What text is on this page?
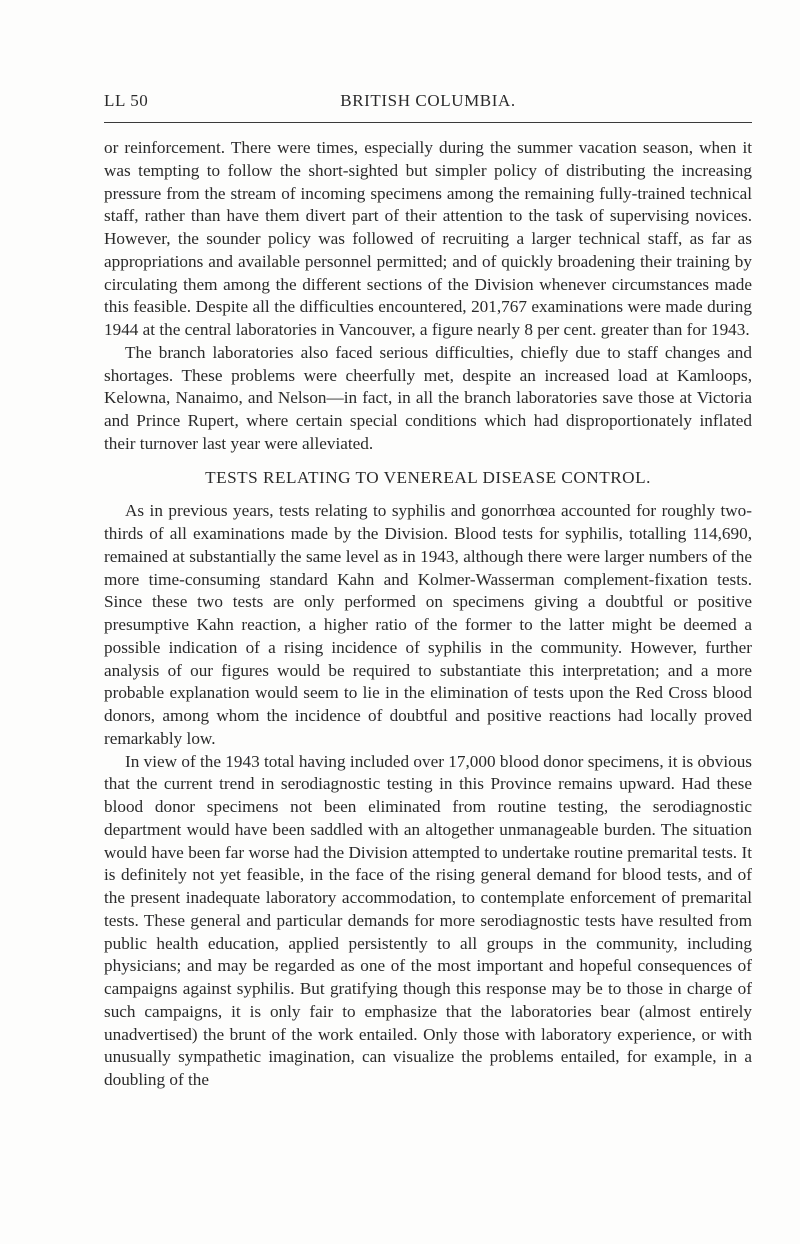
LL 50	BRITISH COLUMBIA.

or reinforcement. There were times, especially during the summer vacation season, when it was tempting to follow the short-sighted but simpler policy of distributing the increasing pressure from the stream of incoming specimens among the remaining fully-trained technical staff, rather than have them divert part of their attention to the task of supervising novices. However, the sounder policy was followed of recruiting a larger technical staff, as far as appropriations and available personnel permitted; and of quickly broadening their training by circulating them among the different sections of the Division whenever circumstances made this feasible. Despite all the difficulties encountered, 201,767 examinations were made during 1944 at the central laboratories in Vancouver, a figure nearly 8 per cent. greater than for 1943.

The branch laboratories also faced serious difficulties, chiefly due to staff changes and shortages. These problems were cheerfully met, despite an increased load at Kamloops, Kelowna, Nanaimo, and Nelson—in fact, in all the branch laboratories save those at Victoria and Prince Rupert, where certain special conditions which had disproportionately inflated their turnover last year were alleviated.

TESTS RELATING TO VENEREAL DISEASE CONTROL.

As in previous years, tests relating to syphilis and gonorrhœa accounted for roughly two-thirds of all examinations made by the Division. Blood tests for syphilis, totalling 114,690, remained at substantially the same level as in 1943, although there were larger numbers of the more time-consuming standard Kahn and Kolmer-Wasserman complement-fixation tests. Since these two tests are only performed on specimens giving a doubtful or positive presumptive Kahn reaction, a higher ratio of the former to the latter might be deemed a possible indication of a rising incidence of syphilis in the community. However, further analysis of our figures would be required to substantiate this interpretation; and a more probable explanation would seem to lie in the elimination of tests upon the Red Cross blood donors, among whom the incidence of doubtful and positive reactions had locally proved remarkably low.

In view of the 1943 total having included over 17,000 blood donor specimens, it is obvious that the current trend in serodiagnostic testing in this Province remains upward. Had these blood donor specimens not been eliminated from routine testing, the serodiagnostic department would have been saddled with an altogether unmanageable burden. The situation would have been far worse had the Division attempted to undertake routine premarital tests. It is definitely not yet feasible, in the face of the rising general demand for blood tests, and of the present inadequate laboratory accommodation, to contemplate enforcement of premarital tests. These general and particular demands for more serodiagnostic tests have resulted from public health education, applied persistently to all groups in the community, including physicians; and may be regarded as one of the most important and hopeful consequences of campaigns against syphilis. But gratifying though this response may be to those in charge of such campaigns, it is only fair to emphasize that the laboratories bear (almost entirely unadvertised) the brunt of the work entailed. Only those with laboratory experience, or with unusually sympathetic imagination, can visualize the problems entailed, for example, in a doubling of the
